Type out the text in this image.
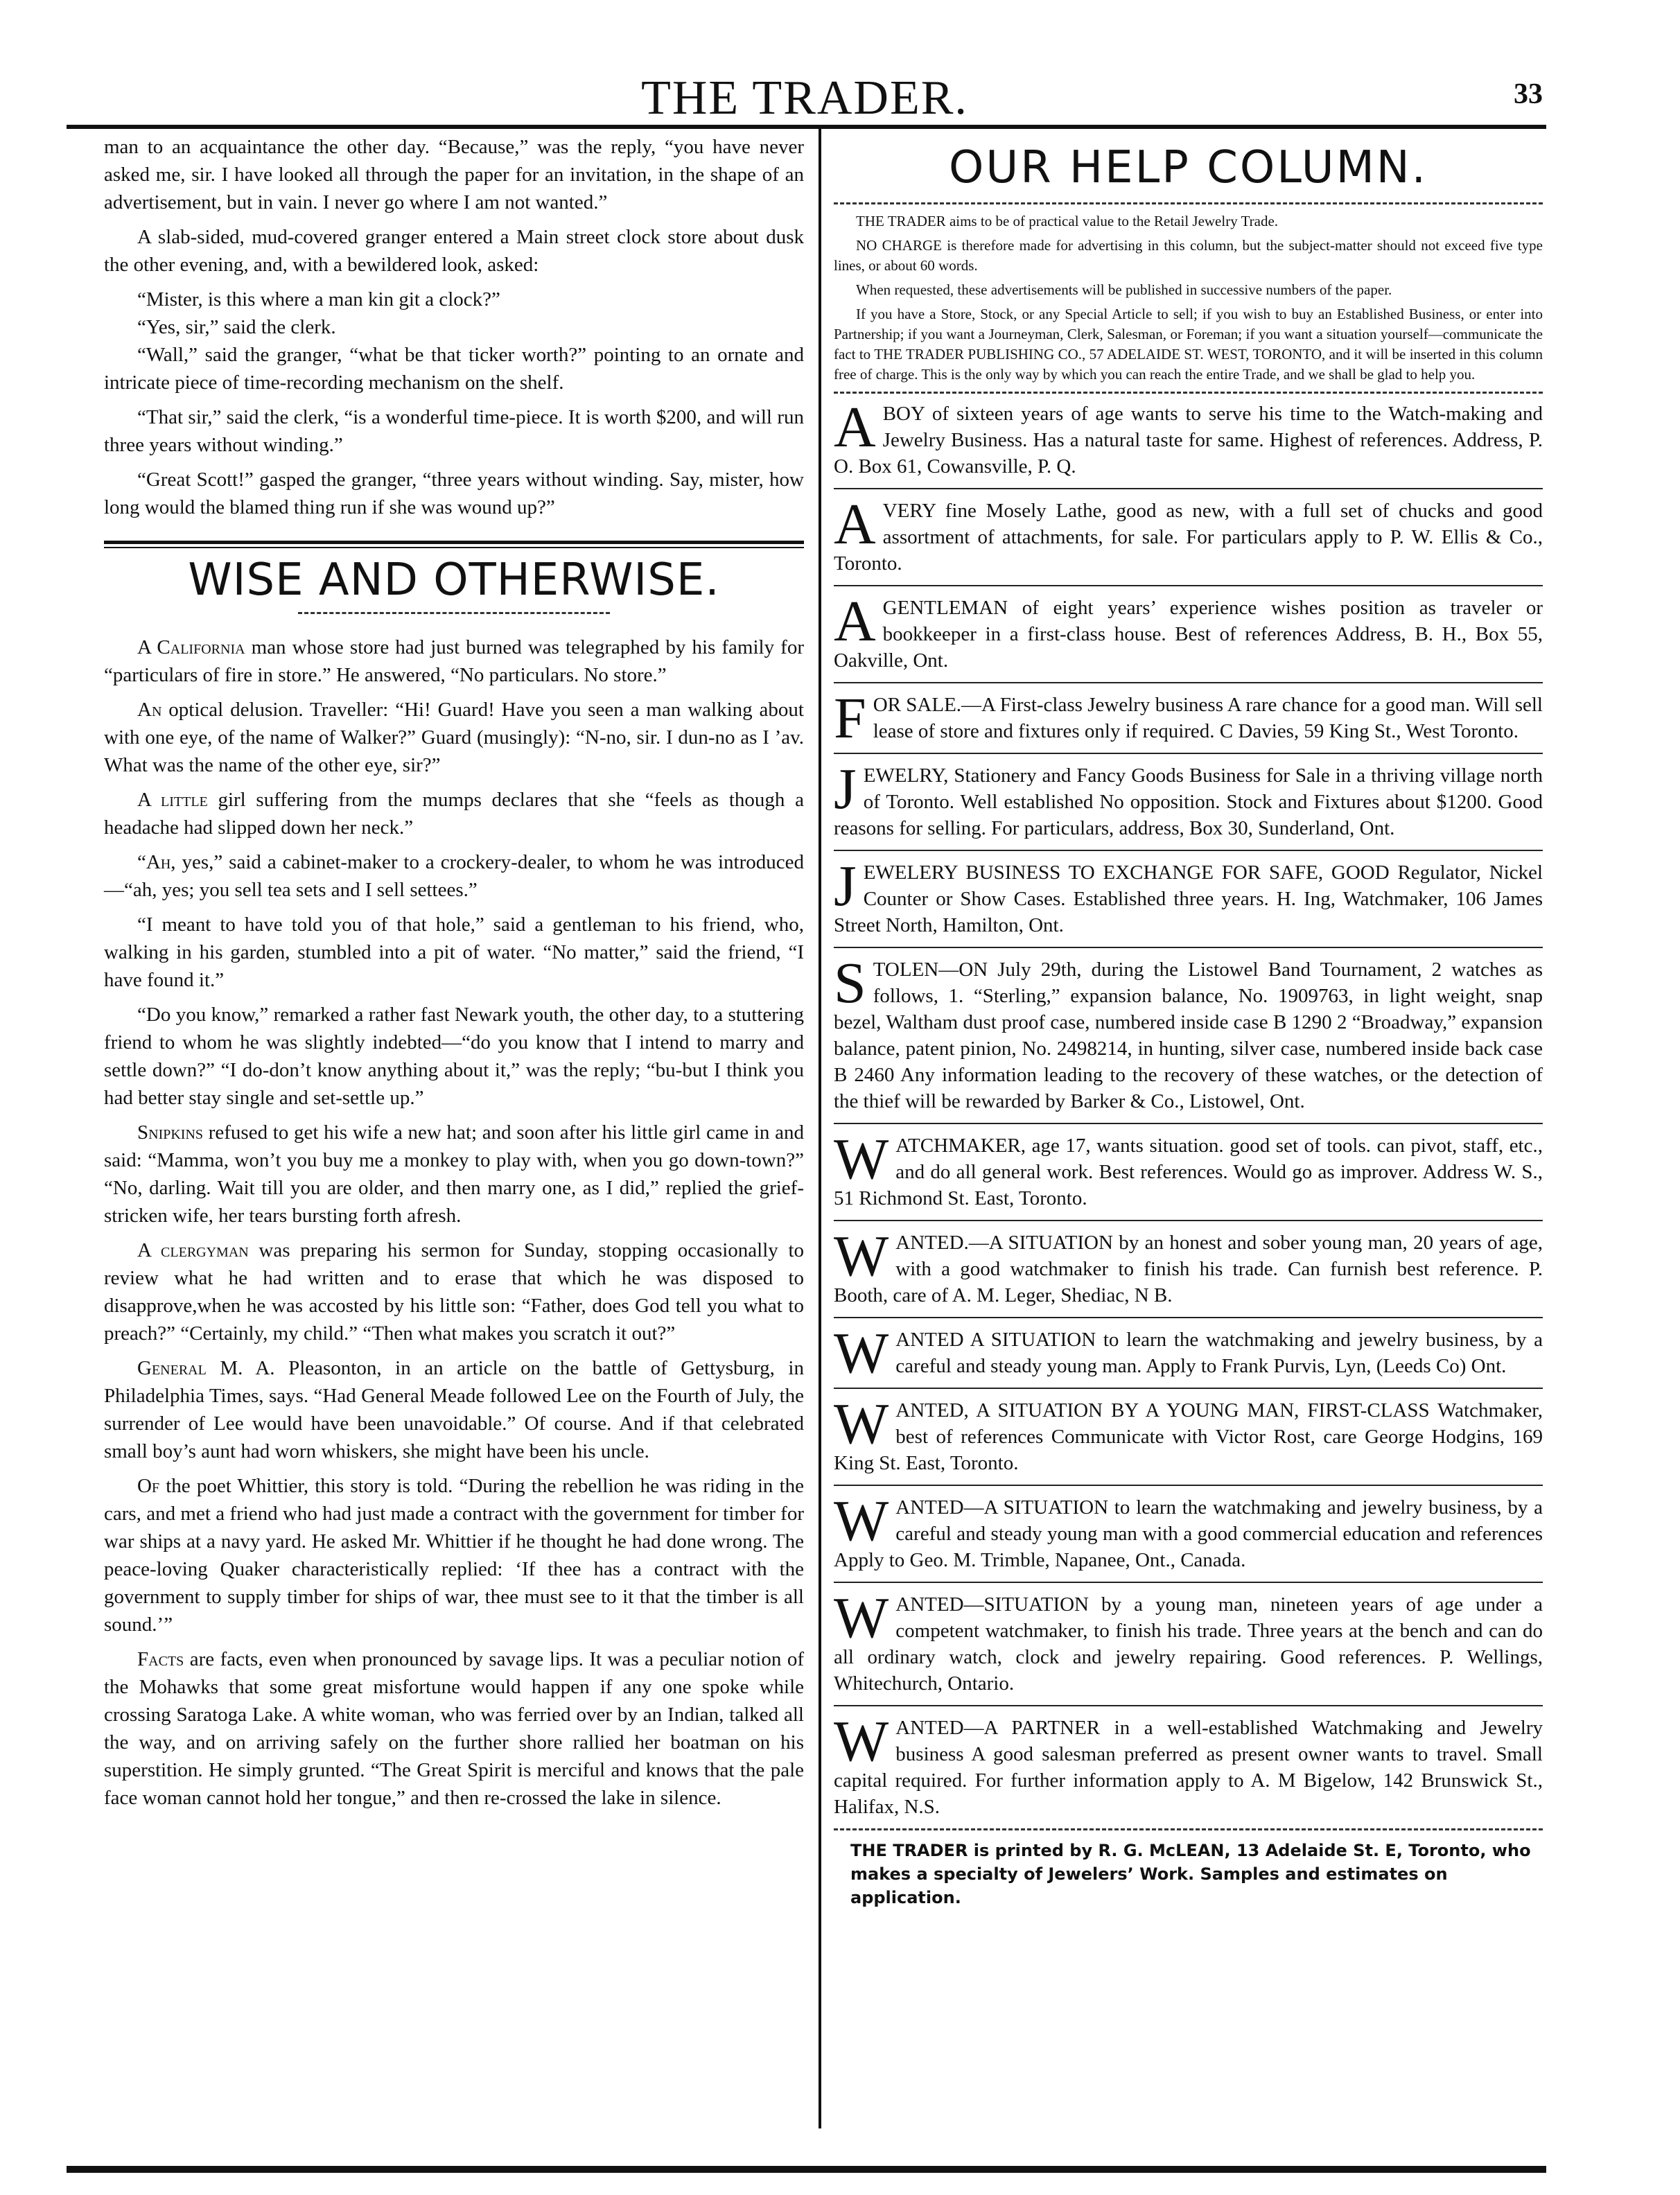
THE TRADER.	33

man to an acquaintance the other day. “Because,” was the reply, “you have never asked me, sir. I have looked all through the paper for an invitation, in the shape of an advertisement, but in vain. I never go where I am not wanted.”

A slab-sided, mud-covered granger entered a Main street clock store about dusk the other evening, and, with a bewildered look, asked:

“Mister, is this where a man kin git a clock?”

“Yes, sir,” said the clerk.

“Wall,” said the granger, “what be that ticker worth?” pointing to an ornate and intricate piece of time-recording mechanism on the shelf.

“That sir,” said the clerk, “is a wonderful time-piece. It is worth $200, and will run three years without winding.”

“Great Scott!” gasped the granger, “three years without winding. Say, mister, how long would the blamed thing run if she was wound up?”

WISE AND OTHERWISE.

A California man whose store had just burned was telegraphed by his family for “particulars of fire in store.” He answered, “No particulars. No store.”

An optical delusion. Traveller: “Hi! Guard! Have you seen a man walking about with one eye, of the name of Walker?” Guard (musingly): “N-no, sir. I dun-no as I ’av. What was the name of the other eye, sir?”

A little girl suffering from the mumps declares that she “feels as though a headache had slipped down her neck.”

“Ah, yes,” said a cabinet-maker to a crockery-dealer, to whom he was introduced—“ah, yes; you sell tea sets and I sell settees.”

“I meant to have told you of that hole,” said a gentleman to his friend, who, walking in his garden, stumbled into a pit of water. “No matter,” said the friend, “I have found it.”

“Do you know,” remarked a rather fast Newark youth, the other day, to a stuttering friend to whom he was slightly indebted—“do you know that I intend to marry and settle down?” “I do-don’t know anything about it,” was the reply; “bu-but I think you had better stay single and set-settle up.”

Snipkins refused to get his wife a new hat; and soon after his little girl came in and said: “Mamma, won’t you buy me a monkey to play with, when you go down-town?” “No, darling. Wait till you are older, and then marry one, as I did,” replied the grief-stricken wife, her tears bursting forth afresh.

A clergyman was preparing his sermon for Sunday, stopping occasionally to review what he had written and to erase that which he was disposed to disapprove,when he was accosted by his little son: “Father, does God tell you what to preach?” “Certainly, my child.” “Then what makes you scratch it out?”

General M. A. Pleasonton, in an article on the battle of Gettysburg, in Philadelphia Times, says. “Had General Meade followed Lee on the Fourth of July, the surrender of Lee would have been unavoidable.” Of course. And if that celebrated small boy’s aunt had worn whiskers, she might have been his uncle.

Of the poet Whittier, this story is told. “During the rebellion he was riding in the cars, and met a friend who had just made a contract with the government for timber for war ships at a navy yard. He asked Mr. Whittier if he thought he had done wrong. The peace-loving Quaker characteristically replied: ‘If thee has a contract with the government to supply timber for ships of war, thee must see to it that the timber is all sound.’”

Facts are facts, even when pronounced by savage lips. It was a peculiar notion of the Mohawks that some great misfortune would happen if any one spoke while crossing Saratoga Lake. A white woman, who was ferried over by an Indian, talked all the way, and on arriving safely on the further shore rallied her boatman on his superstition. He simply grunted. “The Great Spirit is merciful and knows that the pale face woman cannot hold her tongue,” and then re-crossed the lake in silence.

OUR HELP COLUMN.

THE TRADER aims to be of practical value to the Retail Jewelry Trade.

NO CHARGE is therefore made for advertising in this column, but the subject-matter should not exceed five type lines, or about 60 words.

When requested, these advertisements will be published in successive numbers of the paper.

If you have a Store, Stock, or any Special Article to sell; if you wish to buy an Established Business, or enter into Partnership; if you want a Journeyman, Clerk, Salesman, or Foreman; if you want a situation yourself—communicate the fact to THE TRADER PUBLISHING CO., 57 ADELAIDE ST. WEST, TORONTO, and it will be inserted in this column free of charge. This is the only way by which you can reach the entire Trade, and we shall be glad to help you.

A BOY of sixteen years of age wants to serve his time to the Watch-making and Jewelry Business. Has a natural taste for same. Highest of references. Address, P. O. Box 61, Cowansville, P. Q.
A VERY fine Mosely Lathe, good as new, with a full set of chucks and good assortment of attachments, for sale. For particulars apply to P. W. Ellis & Co., Toronto.
A GENTLEMAN of eight years’ experience wishes position as traveler or bookkeeper in a first-class house. Best of references Address, B. H., Box 55, Oakville, Ont.
F OR SALE.—A First-class Jewelry business A rare chance for a good man. Will sell lease of store and fixtures only if required. C Davies, 59 King St., West Toronto.
J EWELRY, Stationery and Fancy Goods Business for Sale in a thriving village north of Toronto. Well established No opposition. Stock and Fixtures about $1200. Good reasons for selling. For particulars, address, Box 30, Sunderland, Ont.
J EWELERY BUSINESS TO EXCHANGE FOR SAFE, GOOD Regulator, Nickel Counter or Show Cases. Established three years. H. Ing, Watchmaker, 106 James Street North, Hamilton, Ont.
S TOLEN—ON July 29th, during the Listowel Band Tournament, 2 watches as follows, 1. “Sterling,” expansion balance, No. 1909763, in light weight, snap bezel, Waltham dust proof case, numbered inside case B 1290 2 “Broadway,” expansion balance, patent pinion, No. 2498214, in hunting, silver case, numbered inside back case B 2460 Any information leading to the recovery of these watches, or the detection of the thief will be rewarded by Barker & Co., Listowel, Ont.
W ATCHMAKER, age 17, wants situation. good set of tools. can pivot, staff, etc., and do all general work. Best references. Would go as improver. Address W. S., 51 Richmond St. East, Toronto.
W ANTED.—A SITUATION by an honest and sober young man, 20 years of age, with a good watchmaker to finish his trade. Can furnish best reference. P. Booth, care of A. M. Leger, Shediac, N B.
W ANTED A SITUATION to learn the watchmaking and jewelry business, by a careful and steady young man. Apply to Frank Purvis, Lyn, (Leeds Co) Ont.
W ANTED, A SITUATION BY A YOUNG MAN, FIRST-CLASS Watchmaker, best of references Communicate with Victor Rost, care George Hodgins, 169 King St. East, Toronto.
W ANTED—A SITUATION to learn the watchmaking and jewelry business, by a careful and steady young man with a good commercial education and references Apply to Geo. M. Trimble, Napanee, Ont., Canada.
W ANTED—SITUATION by a young man, nineteen years of age under a competent watchmaker, to finish his trade. Three years at the bench and can do all ordinary watch, clock and jewelry repairing. Good references. P. Wellings, Whitechurch, Ontario.
W ANTED—A PARTNER in a well-established Watchmaking and Jewelry business A good salesman preferred as present owner wants to travel. Small capital required. For further information apply to A. M Bigelow, 142 Brunswick St., Halifax, N.S.
THE TRADER is printed by R. G. McLEAN, 13 Adelaide St. E, Toronto, who makes a specialty of Jewelers’ Work. Samples and estimates on application.
